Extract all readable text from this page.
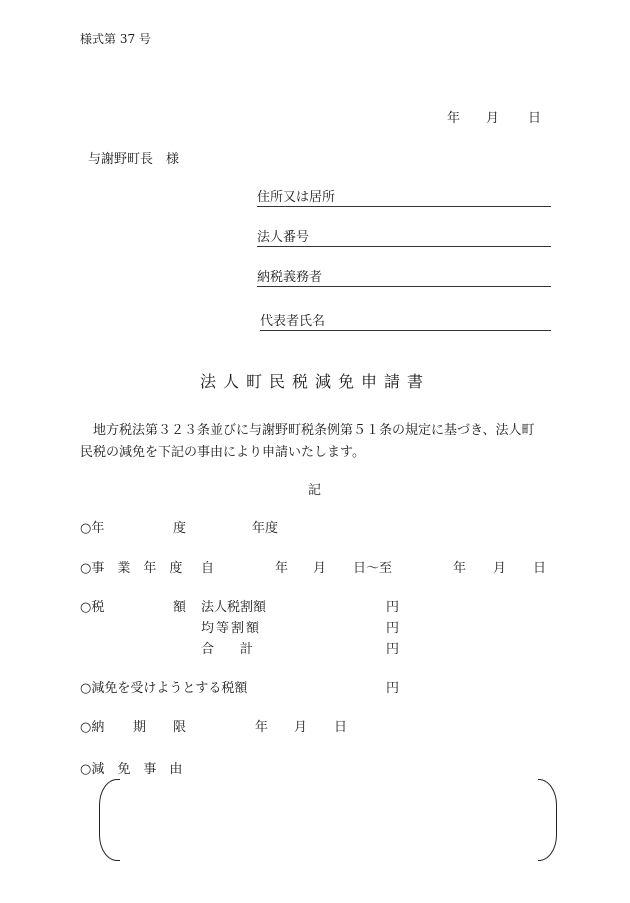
様式第 37 号
年 月 日
与謝野町長　様
住所又は居所
法人番号
納税義務者
代表者氏名
法人町民税減免申請書

地方税法第３２３条並びに与謝野町税条例第５１条の規定に基づき、法人町

民税の減免を下記の事由により申請いたします。

記
○年	度	年度
○事　業　年　度 自	年 月 日～至	年 月 日
○税	額 法人税割額	円
均等割額	円
合　　計	円
○減免を受けようとする税額	円
○納 期 限	年 月 日
○減　免　事　由
